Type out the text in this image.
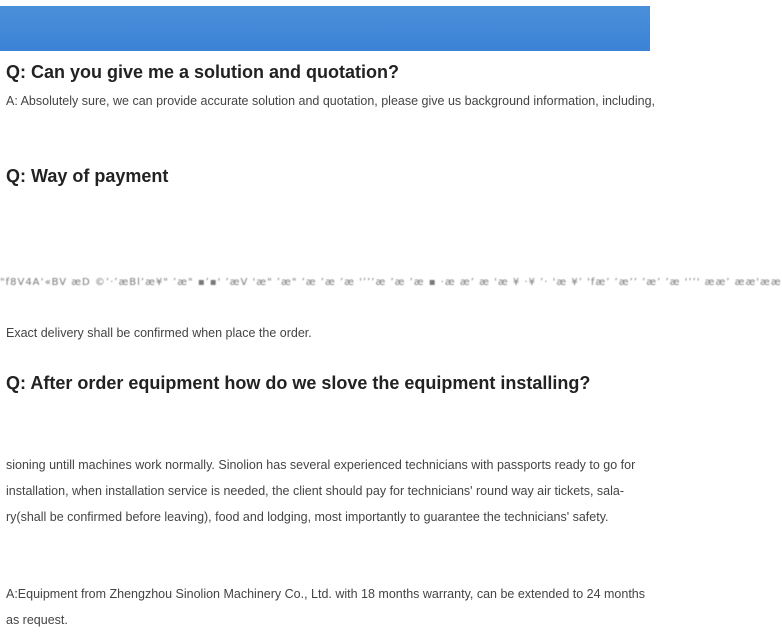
Q: Can you give me a solution and quotation?

A: Absolutely sure, we can provide accurate solution and quotation, please give us background information, including,

Q: Way of payment
"f8V4A‘«BV æD ©’·’æBl’æ¥" ’æ" ▪’▪' ’æV 'æ" ’æ" ’æ ’æ ’æ '’’’æ ’æ ’æ ▪ ·æ æ’ æ 'æ ¥ ·¥ ’· 'æ ¥’ 'fæ’ ’æ’’ ’æ’ ’æ '’’' ææ’ ææ'ææ

Exact delivery shall be confirmed when place the order.

Q: After order equipment how do we slove the equipment installing?

sioning untill machines work normally. Sinolion has several experienced technicians with passports ready to go for

installation, when installation service is needed, the client should pay for technicians' round way air tickets, sala-

ry(shall be confirmed before leaving), food and lodging, most importantly to guarantee the technicians' safety.

A:Equipment from Zhengzhou Sinolion Machinery Co., Ltd. with 18 months warranty, can be extended to 24 months

as request.
